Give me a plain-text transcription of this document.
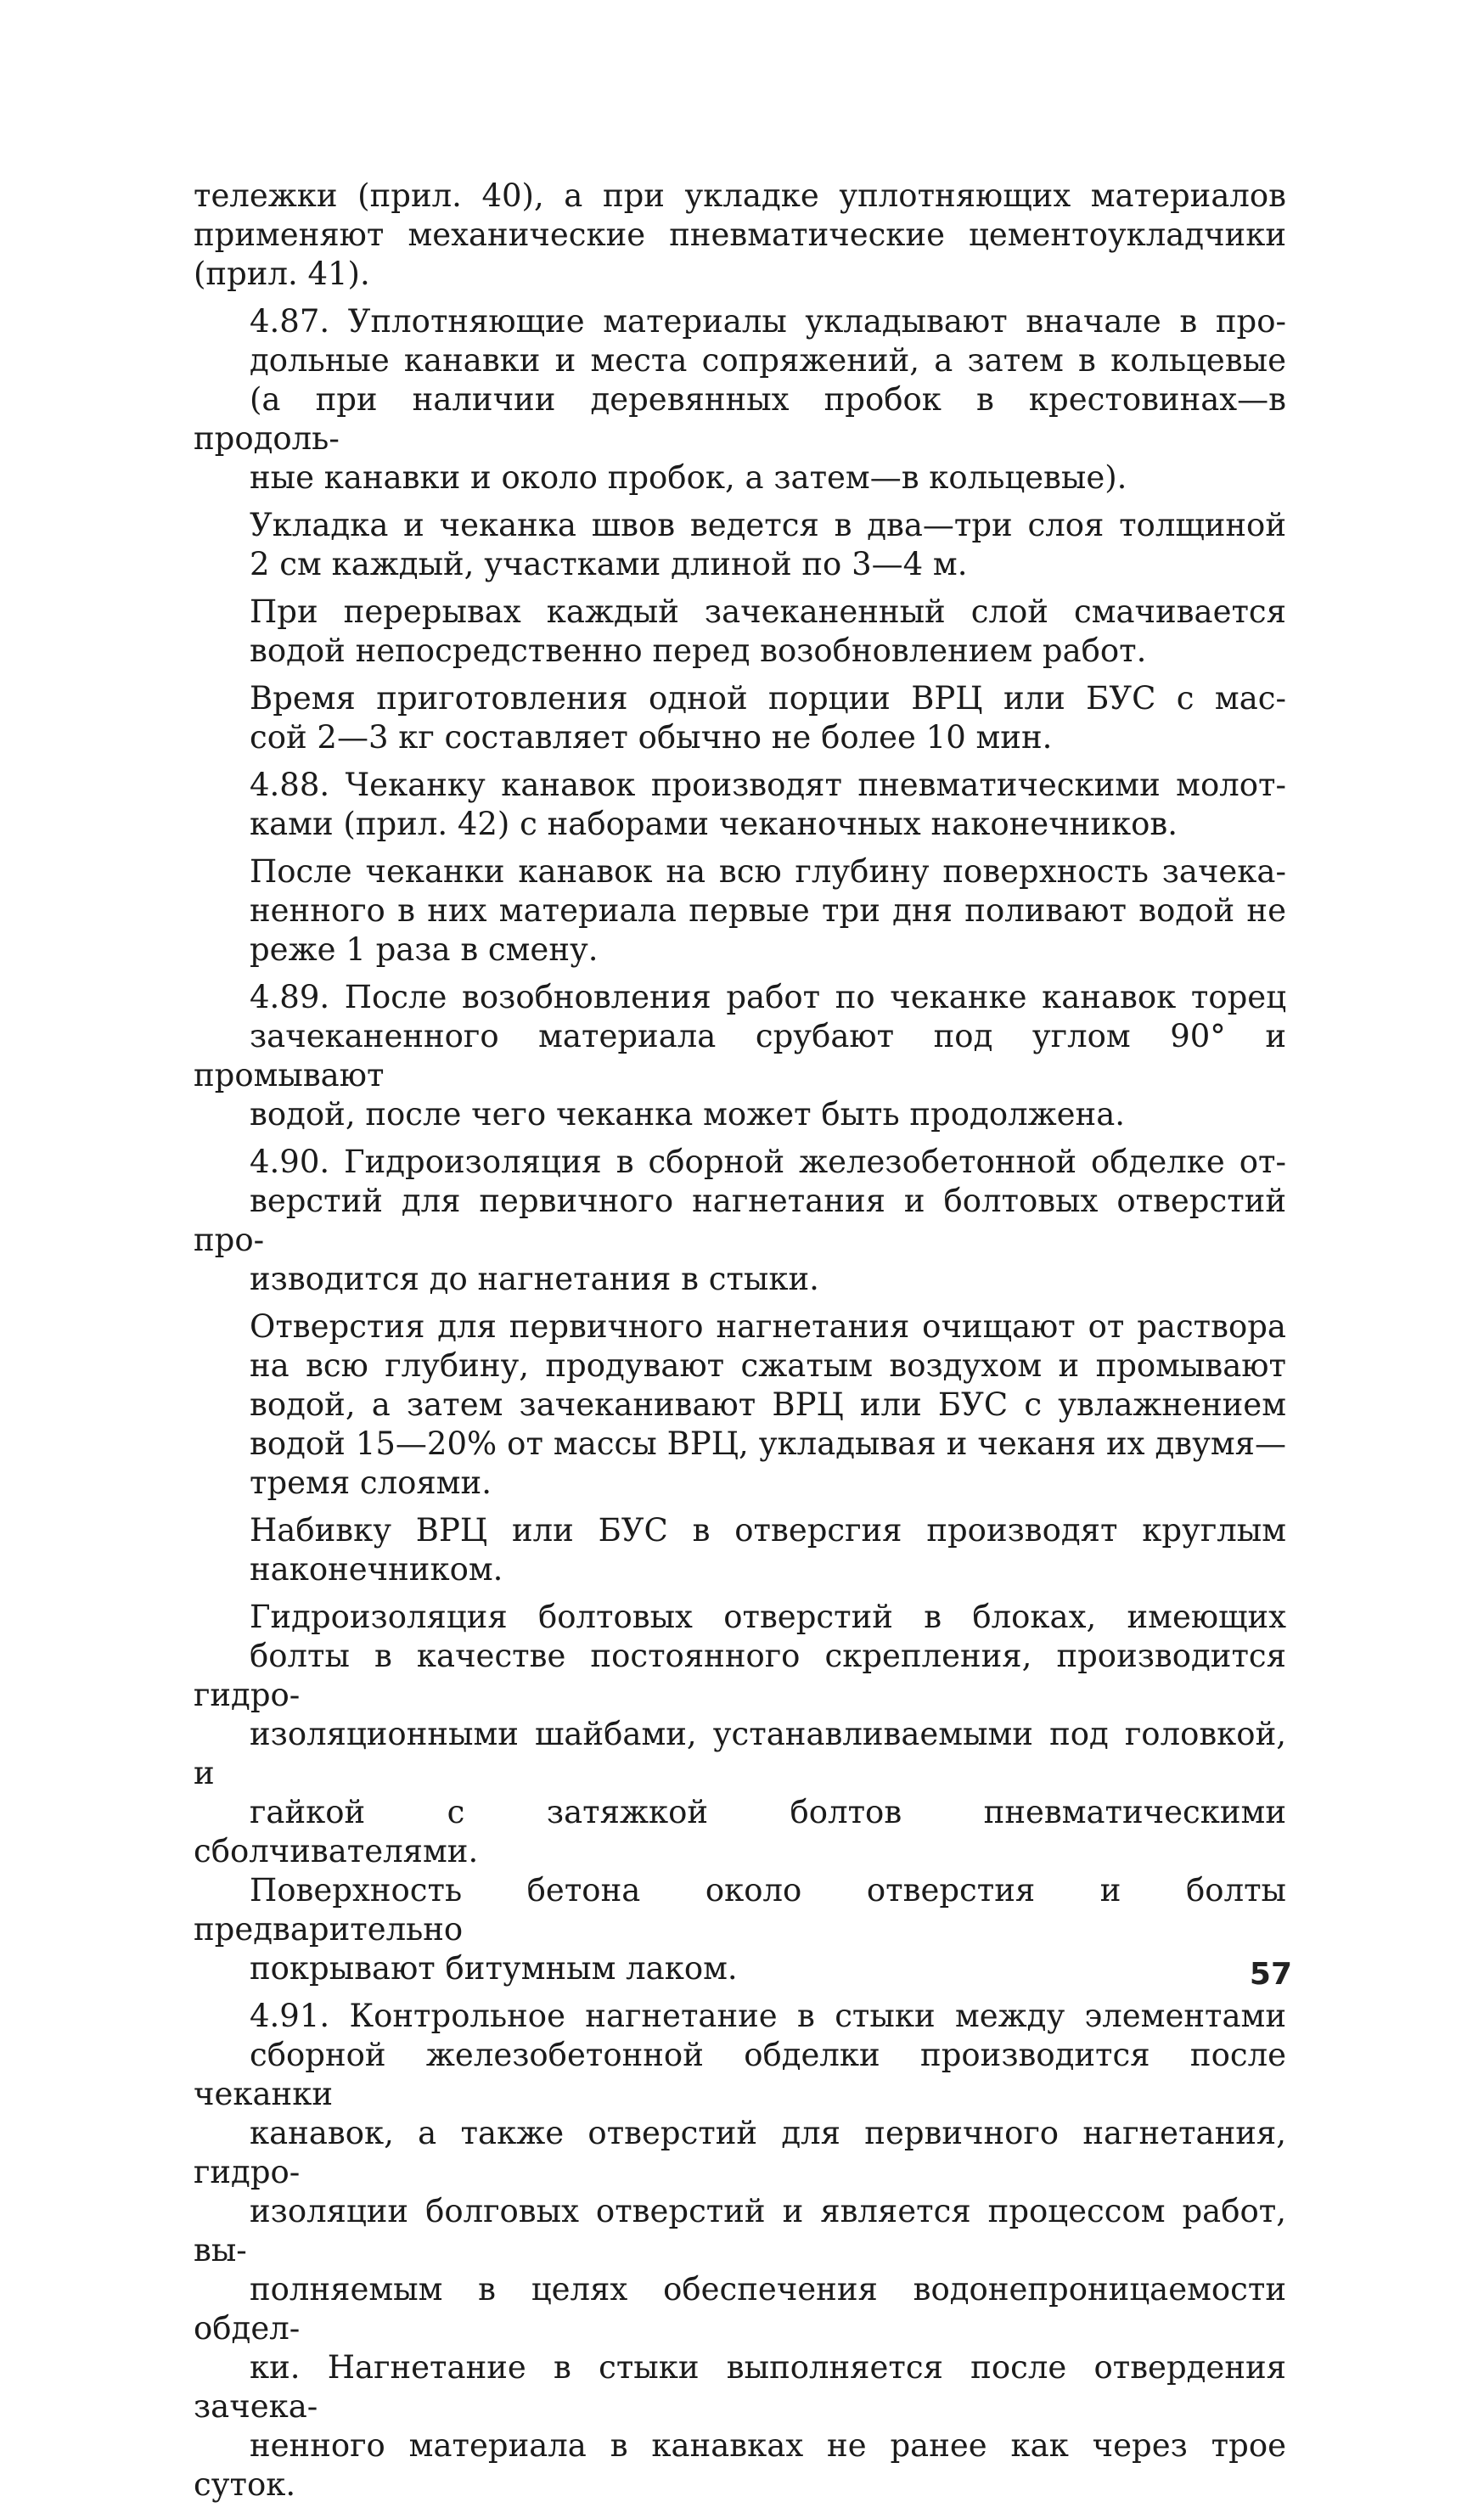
тележки (прил. 40), а при укладке уплотняющих материалов
применяют механические пневматические цементоукладчики
(прил. 41).

4.87. Уплотняющие материалы укладывают вначале в про-
дольные канавки и места сопряжений, а затем в кольцевые
(а при наличии деревянных пробок в крестовинах—в продоль-
ные канавки и около пробок, а затем—в кольцевые).

Укладка и чеканка швов ведется в два—три слоя толщиной
2 см каждый, участками длиной по 3—4 м.

При перерывах каждый зачеканенный слой смачивается
водой непосредственно перед возобновлением работ.

Время приготовления одной порции ВРЦ или БУС с мас-
сой 2—3 кг составляет обычно не более 10 мин.

4.88. Чеканку канавок производят пневматическими молот-
ками (прил. 42) с наборами чеканочных наконечников.

После чеканки канавок на всю глубину поверхность зачека-
ненного в них материала первые три дня поливают водой не
реже 1 раза в смену.

4.89. После возобновления работ по чеканке канавок торец
зачеканенного материала срубают под углом 90° и промывают
водой, после чего чеканка может быть продолжена.

4.90. Гидроизоляция в сборной железобетонной обделке от-
верстий для первичного нагнетания и болтовых отверстий про-
изводится до нагнетания в стыки.

Отверстия для первичного нагнетания очищают от раствора
на всю глубину, продувают сжатым воздухом и промывают
водой, а затем зачеканивают ВРЦ или БУС с увлажнением
водой 15—20% от массы ВРЦ, укладывая и чеканя их двумя—
тремя слоями.

Набивку ВРЦ или БУС в отверсгия производят круглым
наконечником.

Гидроизоляция болтовых отверстий в блоках, имеющих
болты в качестве постоянного скрепления, производится гидро-
изоляционными шайбами, устанавливаемыми под головкой, и
гайкой с затяжкой болтов пневматическими сболчивателями.
Поверхность бетона около отверстия и болты предварительно
покрывают битумным лаком.

4.91. Контрольное нагнетание в стыки между элементами
сборной железобетонной обделки производится после чеканки
канавок, а также отверстий для первичного нагнетания, гидро-
изоляции болговых отверстий и является процессом работ, вы-
полняемым в целях обеспечения водонепроницаемости обдел-
ки. Нагнетание в стыки выполняется после отвердения зачека-
ненного материала в канавках не ранее как через трое суток.

57
